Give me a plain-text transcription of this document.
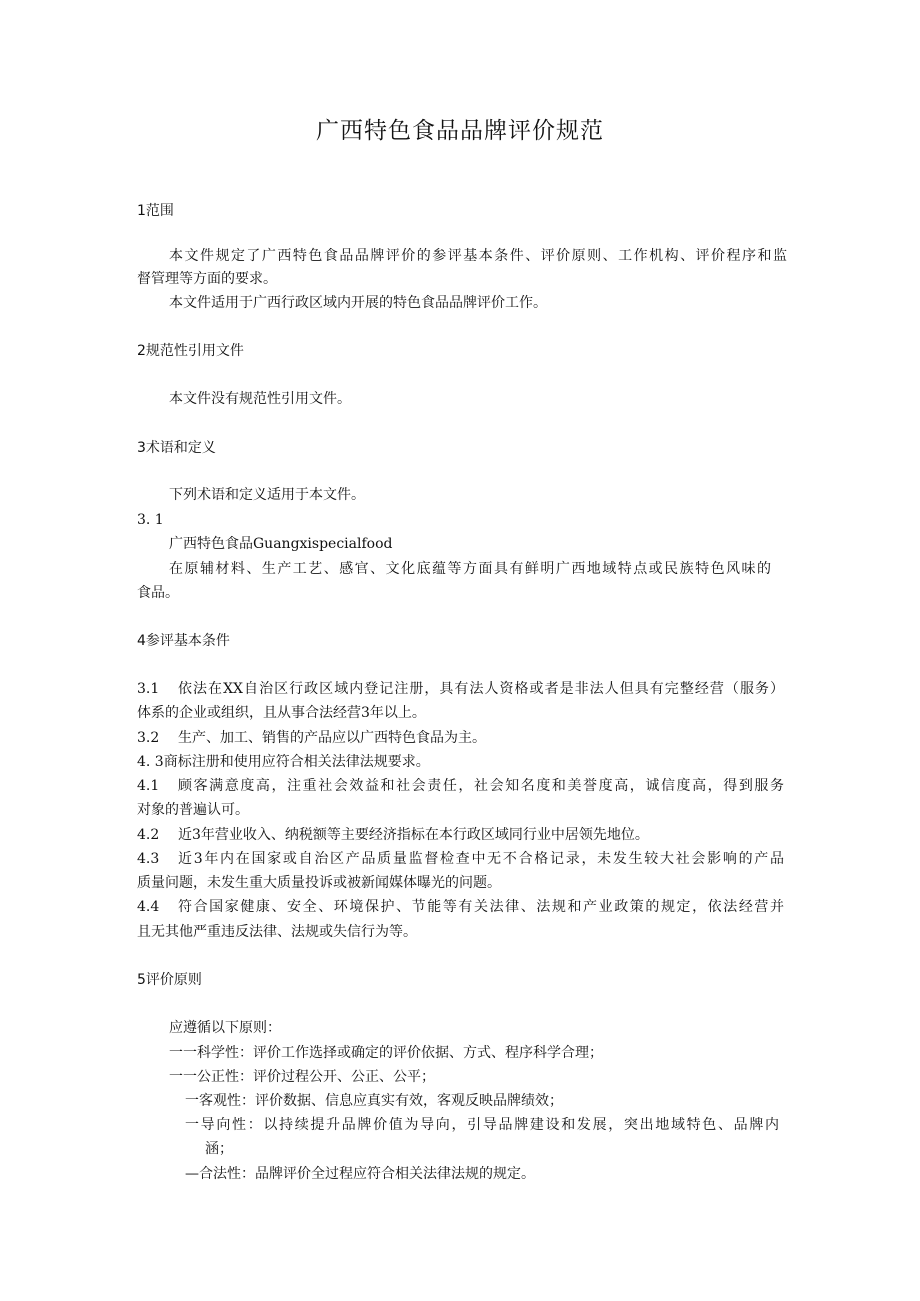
广西特色食品品牌评价规范
1范围
本文件规定了广西特色食品品牌评价的参评基本条件、评价原则、工作机构、评价程序和监
督管理等方面的要求。
本文件适用于广西行政区域内开展的特色食品品牌评价工作。
2规范性引用文件
本文件没有规范性引用文件。
3术语和定义
下列术语和定义适用于本文件。
3. 1
广西特色食品Guangxispecialfood
在原辅材料、生产工艺、感官、文化底蕴等方面具有鲜明广西地域特点或民族特色风味的
食品。
4参评基本条件
3.1	依法在XX自治区行政区域内登记注册，具有法人资格或者是非法人但具有完整经营（服务）
体系的企业或组织，且从事合法经营3年以上。
3.2	生产、加工、销售的产品应以广西特色食品为主。
4. 3商标注册和使用应符合相关法律法规要求。
4.1	顾客满意度高，注重社会效益和社会责任，社会知名度和美誉度高，诚信度高，得到服务
对象的普遍认可。
4.2	近3年营业收入、纳税额等主要经济指标在本行政区域同行业中居领先地位。
4.3	近3年内在国家或自治区产品质量监督检查中无不合格记录，未发生较大社会影响的产品
质量问题，未发生重大质量投诉或被新闻媒体曝光的问题。
4.4	符合国家健康、安全、环境保护、节能等有关法律、法规和产业政策的规定，依法经营并
且无其他严重违反法律、法规或失信行为等。
5评价原则
应遵循以下原则：
一一科学性：评价工作选择或确定的评价依据、方式、程序科学合理；
一一公正性：评价过程公开、公正、公平；
一客观性：评价数据、信息应真实有效，客观反映品牌绩效；
一导向性：以持续提升品牌价值为导向，引导品牌建设和发展，突出地域特色、品牌内
涵；
—合法性：品牌评价全过程应符合相关法律法规的规定。
